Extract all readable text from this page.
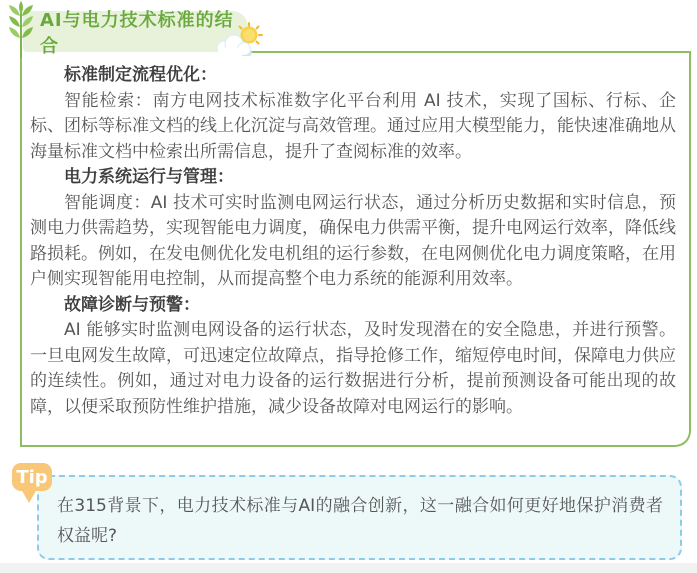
AI与电力技术标准的结合

标准制定流程优化：

智能检索：南方电网技术标准数字化平台利用 AI 技术，实现了国标、行标、企标、团标等标准文档的线上化沉淀与高效管理。通过应用大模型能力，能快速准确地从海量标准文档中检索出所需信息，提升了查阅标准的效率。

电力系统运行与管理：

智能调度：AI 技术可实时监测电网运行状态，通过分析历史数据和实时信息，预测电力供需趋势，实现智能电力调度，确保电力供需平衡，提升电网运行效率，降低线路损耗。例如，在发电侧优化发电机组的运行参数，在电网侧优化电力调度策略，在用户侧实现智能用电控制，从而提高整个电力系统的能源利用效率。

故障诊断与预警：

AI 能够实时监测电网设备的运行状态，及时发现潜在的安全隐患，并进行预警。一旦电网发生故障，可迅速定位故障点，指导抢修工作，缩短停电时间，保障电力供应的连续性。例如，通过对电力设备的运行数据进行分析，提前预测设备可能出现的故障，以便采取预防性维护措施，减少设备故障对电网运行的影响。

在315背景下，电力技术标准与AI的融合创新，这一融合如何更好地保护消费者权益呢?

Tip
